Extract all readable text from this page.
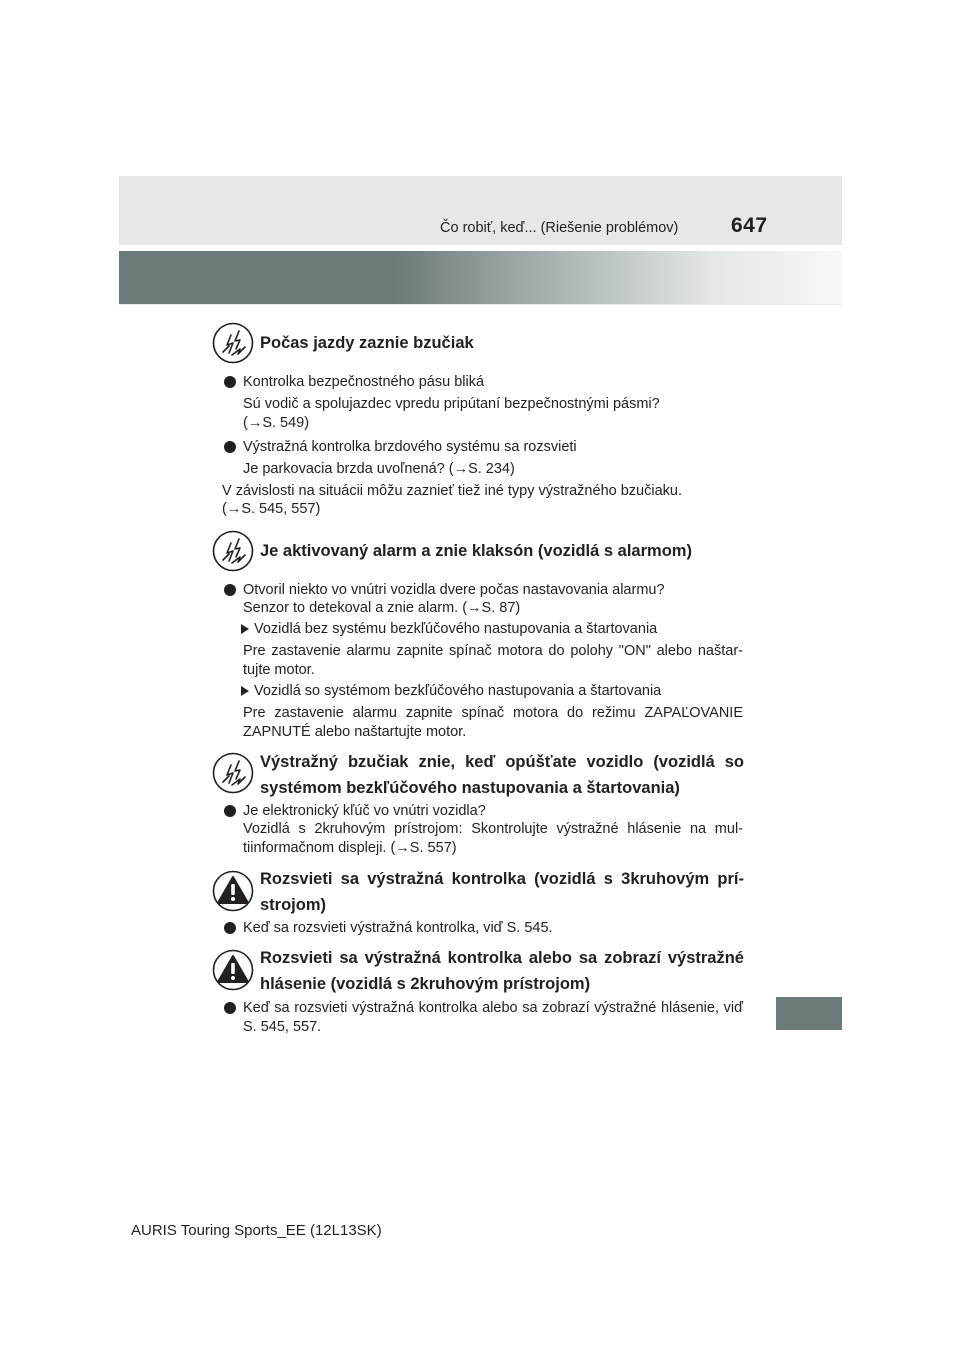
Čo robiť, keď... (Riešenie problémov)	647
Počas jazdy zaznie bzučiak
Kontrolka bezpečnostného pásu bliká
Sú vodič a spolujazdec vpredu pripútaní bezpečnostnými pásmi?
(→S. 549)
Výstražná kontrolka brzdového systému sa rozsvieti
Je parkovacia brzda uvoľnená? (→S. 234)
V závislosti na situácii môžu zaznieť tiež iné typy výstražného bzučiaku.
(→S. 545, 557)
Je aktivovaný alarm a znie klaksón (vozidlá s alarmom)
Otvoril niekto vo vnútri vozidla dvere počas nastavovania alarmu?
Senzor to detekoval a znie alarm. (→S. 87)
Vozidlá bez systému bezkľúčového nastupovania a štartovania
Pre zastavenie alarmu zapnite spínač motora do polohy "ON" alebo naštar-tujte motor.
Vozidlá so systémom bezkľúčového nastupovania a štartovania
Pre zastavenie alarmu zapnite spínač motora do režimu ZAPAĽOVANIE ZAPNUTÉ alebo naštartujte motor.
Výstražný bzučiak znie, keď opúšťate vozidlo (vozidlá so systémom bezkľúčového nastupovania a štartovania)
Je elektronický kľúč vo vnútri vozidla?
Vozidlá s 2kruhovým prístrojom: Skontrolujte výstražné hlásenie na mul-tiinformačnom displeji. (→S. 557)
Rozsvieti sa výstražná kontrolka (vozidlá s 3kruhovým prí-strojom)
Keď sa rozsvieti výstražná kontrolka, viď S. 545.
Rozsvieti sa výstražná kontrolka alebo sa zobrazí výstražné hlásenie (vozidlá s 2kruhovým prístrojom)
Keď sa rozsvieti výstražná kontrolka alebo sa zobrazí výstražné hlásenie, viď S. 545, 557.
AURIS Touring Sports_EE (12L13SK)
